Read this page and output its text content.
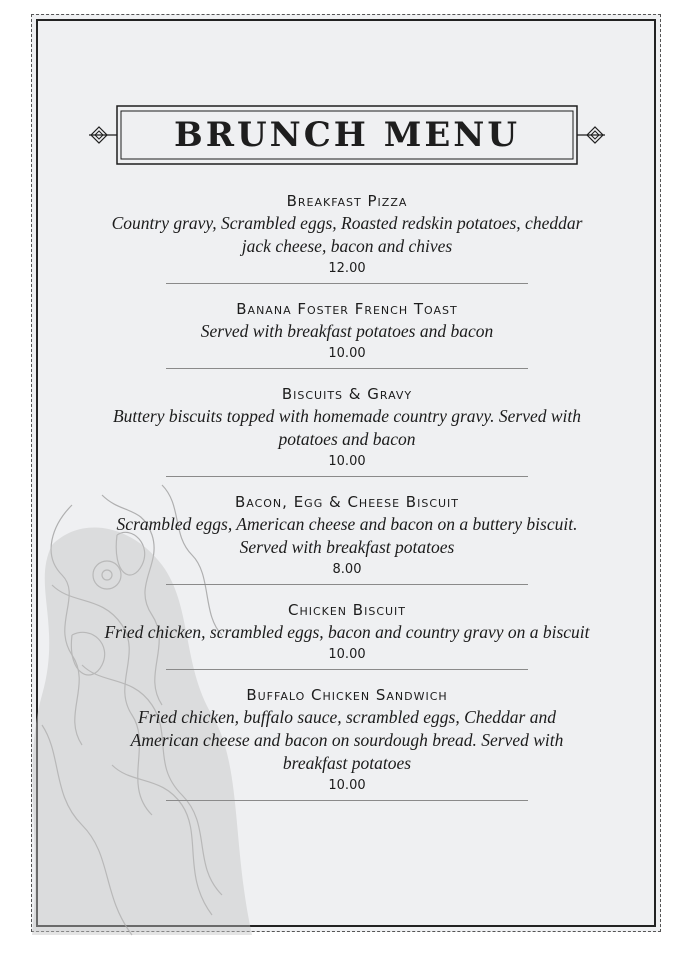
BRUNCH MENU
Breakfast Pizza
Country gravy, Scrambled eggs, Roasted redskin potatoes, cheddar jack cheese, bacon and chives
12.00
Banana Foster French Toast
Served with breakfast potatoes and bacon
10.00
Biscuits & Gravy
Buttery biscuits topped with homemade country gravy. Served with potatoes and bacon
10.00
Bacon, Egg & Cheese Biscuit
Scrambled eggs, American cheese and bacon on a buttery biscuit. Served with breakfast potatoes
8.00
Chicken Biscuit
Fried chicken, scrambled eggs, bacon and country gravy on a biscuit
10.00
Buffalo Chicken Sandwich
Fried chicken, buffalo sauce, scrambled eggs, Cheddar and American cheese and bacon on sourdough bread. Served with breakfast potatoes
10.00
